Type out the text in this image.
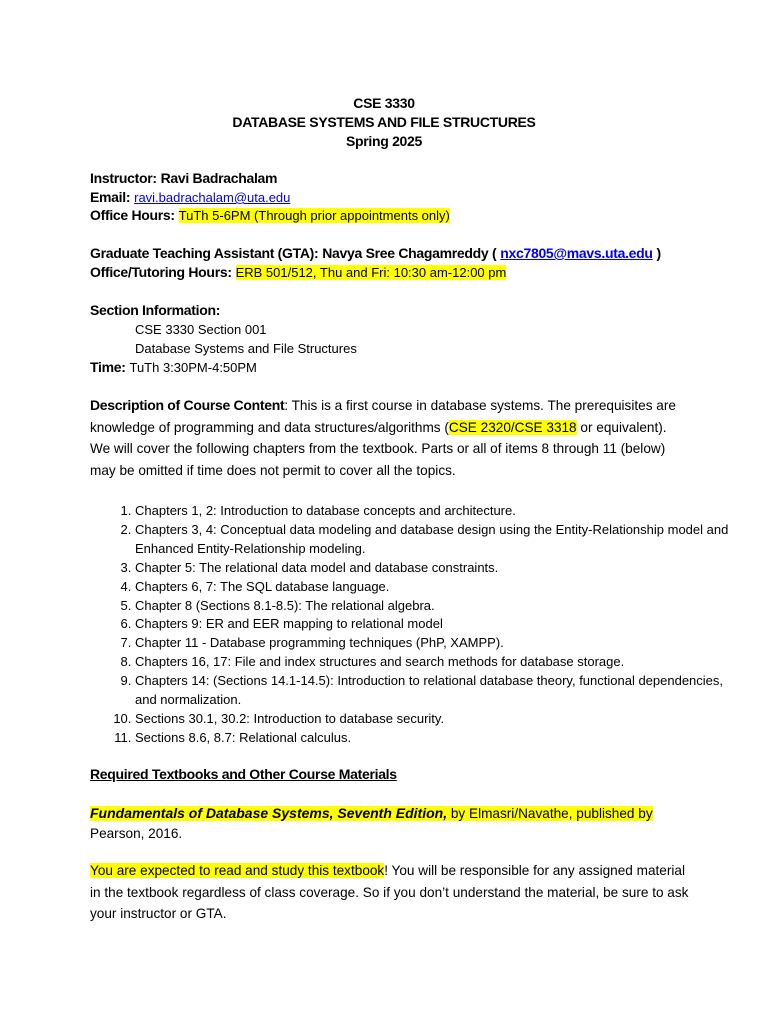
CSE 3330
DATABASE SYSTEMS AND FILE STRUCTURES
Spring 2025
Instructor: Ravi Badrachalam
Email: ravi.badrachalam@uta.edu
Office Hours: TuTh 5-6PM (Through prior appointments only)
Graduate Teaching Assistant (GTA): Navya Sree Chagamreddy ( nxc7805@mavs.uta.edu )
Office/Tutoring Hours: ERB 501/512, Thu and Fri: 10:30 am-12:00 pm
Section Information:
CSE 3330 Section 001
Database Systems and File Structures
Time: TuTh 3:30PM-4:50PM
Description of Course Content: This is a first course in database systems. The prerequisites are knowledge of programming and data structures/algorithms (CSE 2320/CSE 3318 or equivalent). We will cover the following chapters from the textbook. Parts or all of items 8 through 11 (below) may be omitted if time does not permit to cover all the topics.
1. Chapters 1, 2: Introduction to database concepts and architecture.
2. Chapters 3, 4: Conceptual data modeling and database design using the Entity-Relationship model and Enhanced Entity-Relationship modeling.
3. Chapter 5: The relational data model and database constraints.
4. Chapters 6, 7: The SQL database language.
5. Chapter 8 (Sections 8.1-8.5): The relational algebra.
6. Chapters 9: ER and EER mapping to relational model
7. Chapter 11 - Database programming techniques (PhP, XAMPP).
8. Chapters 16, 17: File and index structures and search methods for database storage.
9. Chapters 14: (Sections 14.1-14.5): Introduction to relational database theory, functional dependencies, and normalization.
10. Sections 30.1, 30.2: Introduction to database security.
11. Sections 8.6, 8.7: Relational calculus.
Required Textbooks and Other Course Materials
Fundamentals of Database Systems, Seventh Edition, by Elmasri/Navathe, published by
Pearson, 2016.
You are expected to read and study this textbook! You will be responsible for any assigned material in the textbook regardless of class coverage. So if you don’t understand the material, be sure to ask your instructor or GTA.
